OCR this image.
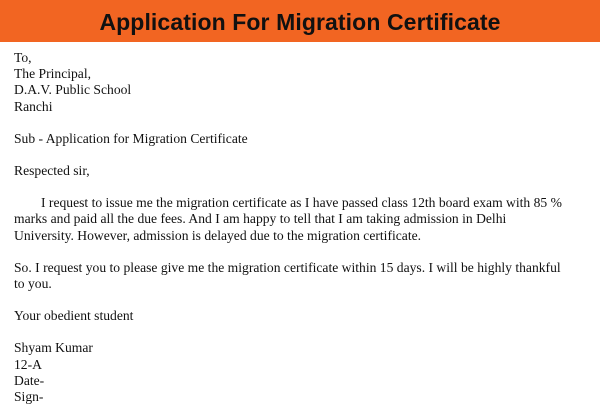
Application For Migration Certificate
To,
The Principal,
D.A.V. Public School
Ranchi
Sub - Application for Migration Certificate
Respected sir,
I request to issue me the migration certificate as I have passed class 12th board exam with 85 %
marks and paid all the due fees. And I am happy to tell that I am taking admission in Delhi
University. However, admission is delayed due to the migration certificate.
So. I request you to please give me the migration certificate within 15 days. I will be highly thankful
to you.
Your obedient student
Shyam Kumar
12-A
Date-
Sign-
